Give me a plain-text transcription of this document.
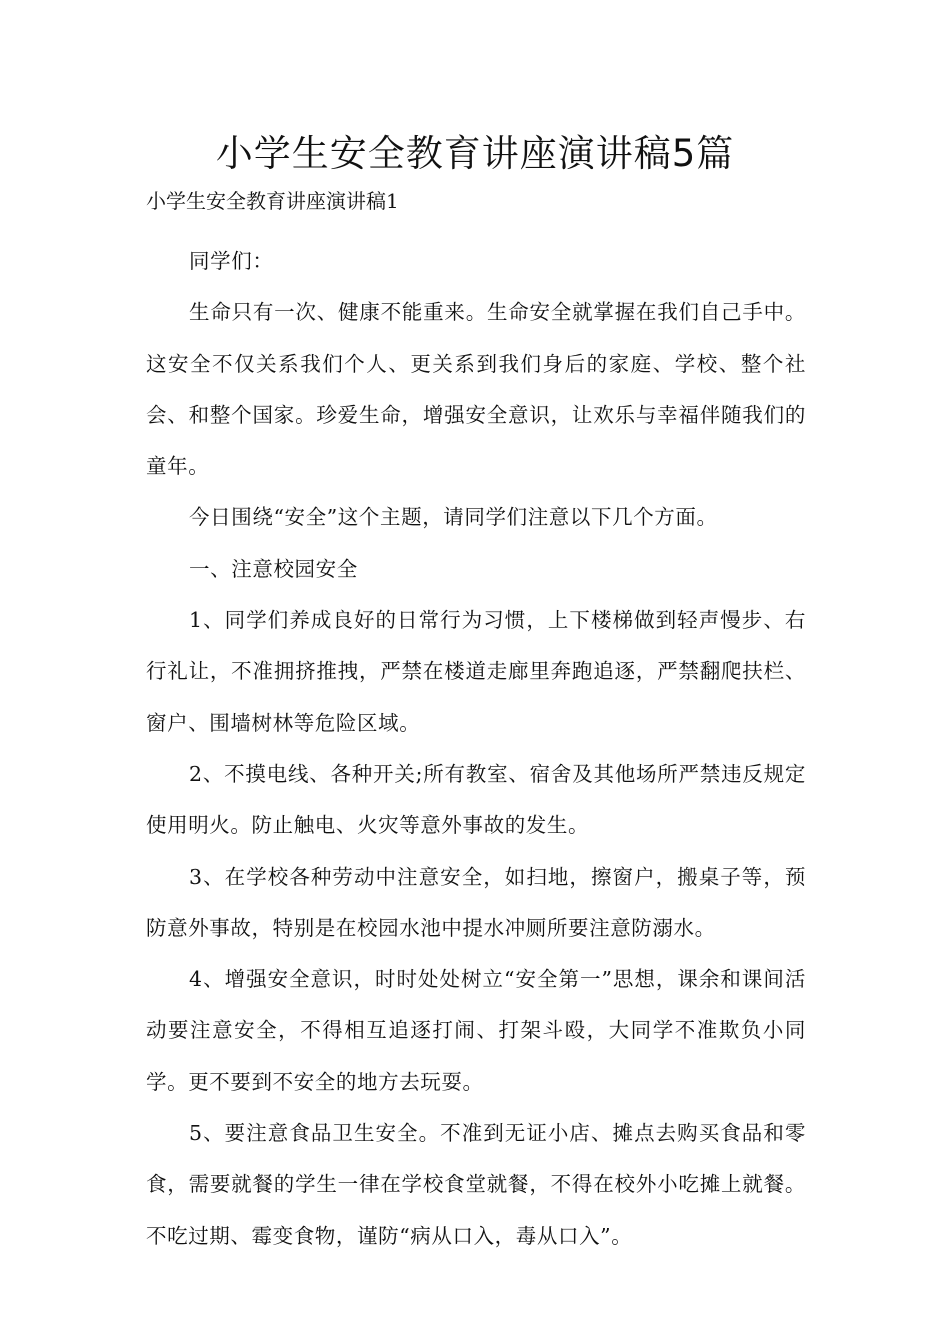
小学生安全教育讲座演讲稿5篇

小学生安全教育讲座演讲稿1

同学们：

生命只有一次、健康不能重来。生命安全就掌握在我们自己手中。这安全不仅关系我们个人、更关系到我们身后的家庭、学校、整个社会、和整个国家。珍爱生命，增强安全意识，让欢乐与幸福伴随我们的童年。

今日围绕“安全”这个主题，请同学们注意以下几个方面。

一、注意校园安全

1、同学们养成良好的日常行为习惯，上下楼梯做到轻声慢步、右行礼让，不准拥挤推拽，严禁在楼道走廊里奔跑追逐，严禁翻爬扶栏、窗户、围墙树林等危险区域。

2、不摸电线、各种开关;所有教室、宿舍及其他场所严禁违反规定使用明火。防止触电、火灾等意外事故的发生。

3、在学校各种劳动中注意安全，如扫地，擦窗户，搬桌子等，预防意外事故，特别是在校园水池中提水冲厕所要注意防溺水。

4、增强安全意识，时时处处树立“安全第一”思想，课余和课间活动要注意安全，不得相互追逐打闹、打架斗殴，大同学不准欺负小同学。更不要到不安全的地方去玩耍。

5、要注意食品卫生安全。不准到无证小店、摊点去购买食品和零食，需要就餐的学生一律在学校食堂就餐，不得在校外小吃摊上就餐。不吃过期、霉变食物，谨防“病从口入，毒从口入”。
